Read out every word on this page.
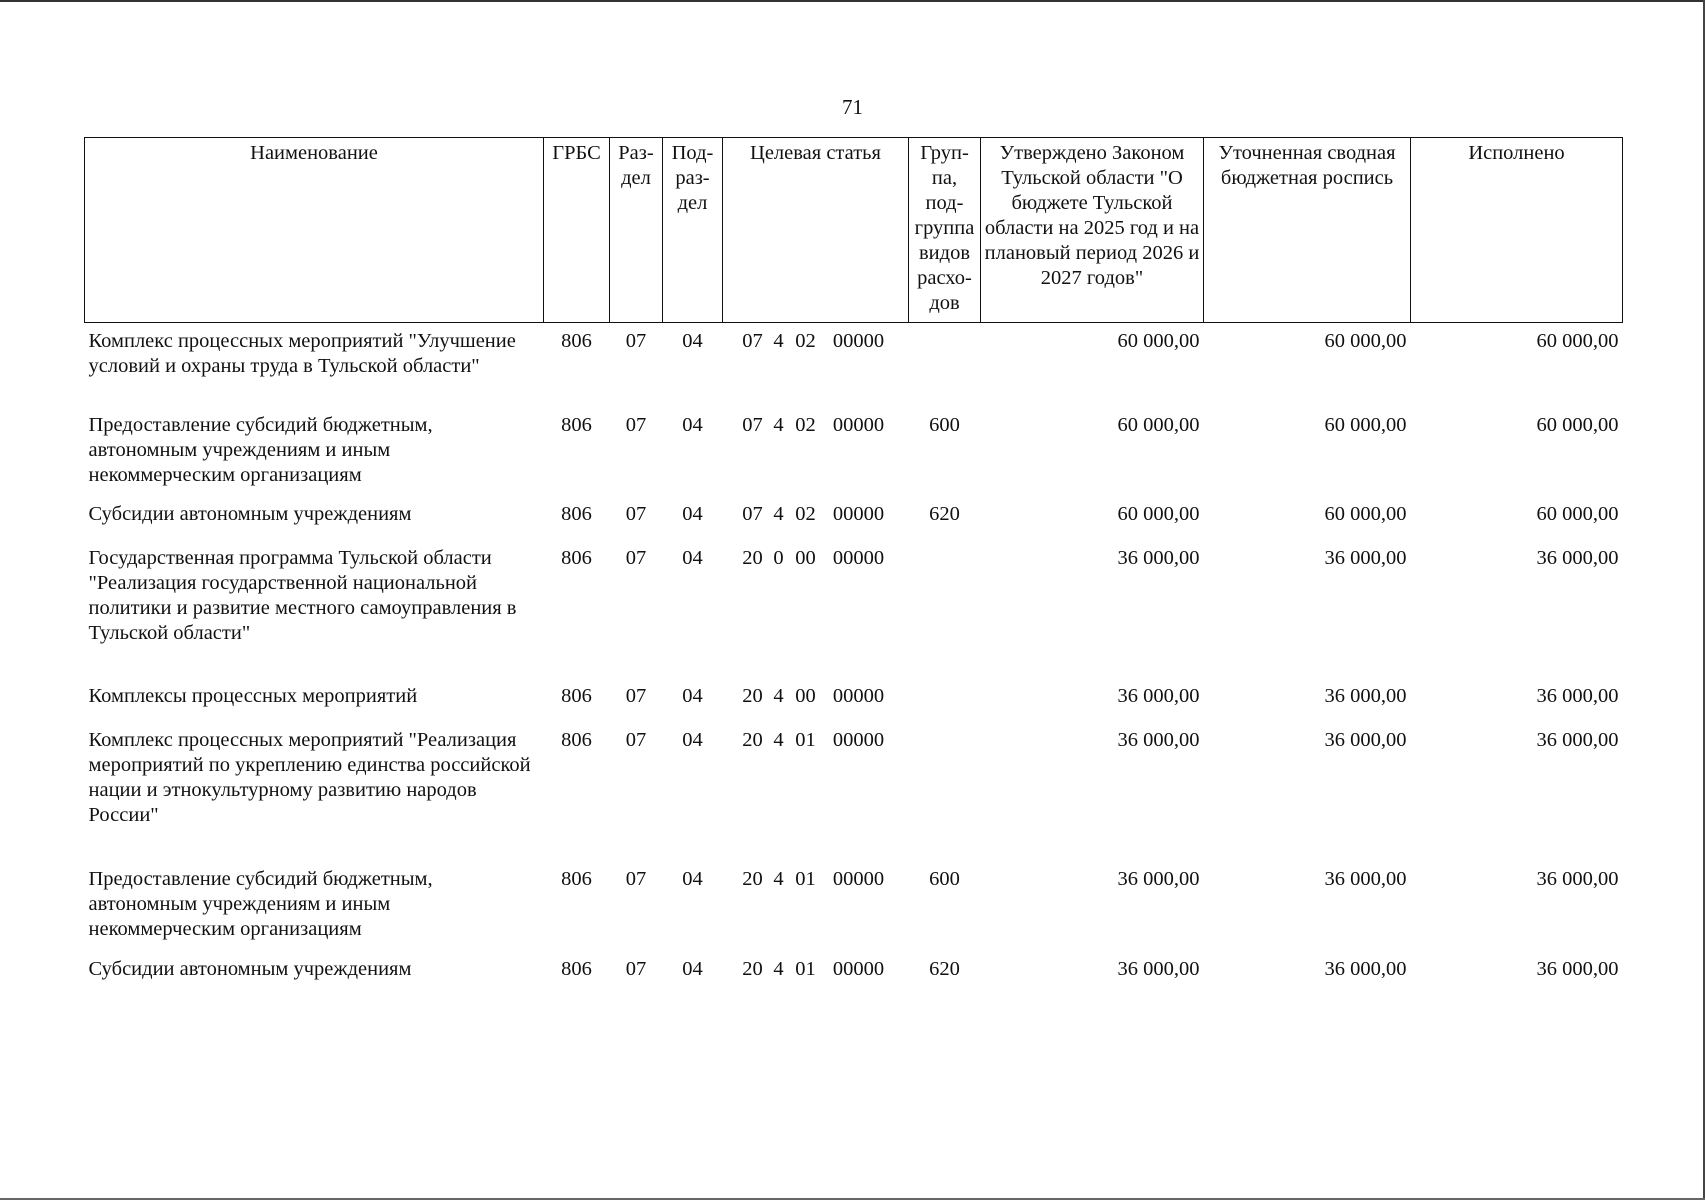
71
Наименование	ГРБС	Раз-дел	Под-раз-дел	Целевая статья	Груп-па, под-группа видов расхо-дов	Утверждено Законом Тульской области "О бюджете Тульской области на 2025 год и на плановый период 2026 и 2027 годов"	Уточненная сводная бюджетная роспись	Исполнено
Комплекс процессных мероприятий "Улучшение условий и охраны труда в Тульской области"	806	07	04	07 4 02 00000		60 000,00	60 000,00	60 000,00
Предоставление субсидий бюджетным, автономным учреждениям и иным некоммерческим организациям	806	07	04	07 4 02 00000	600	60 000,00	60 000,00	60 000,00
Субсидии автономным учреждениям	806	07	04	07 4 02 00000	620	60 000,00	60 000,00	60 000,00
Государственная программа Тульской области "Реализация государственной национальной политики и развитие местного самоуправления в Тульской области"	806	07	04	20 0 00 00000		36 000,00	36 000,00	36 000,00
Комплексы процессных мероприятий	806	07	04	20 4 00 00000		36 000,00	36 000,00	36 000,00
Комплекс процессных мероприятий "Реализация мероприятий по укреплению единства российской нации и этнокультурному развитию народов России"	806	07	04	20 4 01 00000		36 000,00	36 000,00	36 000,00
Предоставление субсидий бюджетным, автономным учреждениям и иным некоммерческим организациям	806	07	04	20 4 01 00000	600	36 000,00	36 000,00	36 000,00
Субсидии автономным учреждениям	806	07	04	20 4 01 00000	620	36 000,00	36 000,00	36 000,00
